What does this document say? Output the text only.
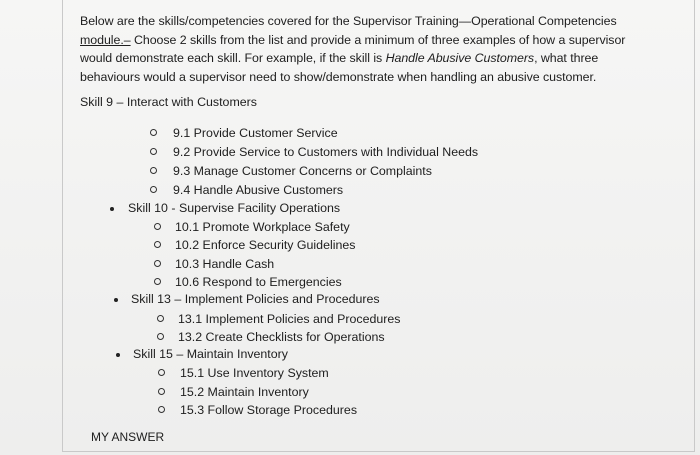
Below are the skills/competencies covered for the Supervisor Training—Operational Competencies
module.– Choose 2 skills from the list and provide a minimum of three examples of how a supervisor
would demonstrate each skill. For example, if the skill is Handle Abusive Customers, what three
behaviours would a supervisor need to show/demonstrate when handling an abusive customer.
Skill 9 – Interact with Customers
9.1 Provide Customer Service
9.2 Provide Service to Customers with Individual Needs
9.3 Manage Customer Concerns or Complaints
9.4 Handle Abusive Customers
Skill 10 - Supervise Facility Operations
10.1 Promote Workplace Safety
10.2 Enforce Security Guidelines
10.3 Handle Cash
10.6 Respond to Emergencies
Skill 13 – Implement Policies and Procedures
13.1 Implement Policies and Procedures
13.2 Create Checklists for Operations
Skill 15 – Maintain Inventory
15.1 Use Inventory System
15.2 Maintain Inventory
15.3 Follow Storage Procedures
MY ANSWER
